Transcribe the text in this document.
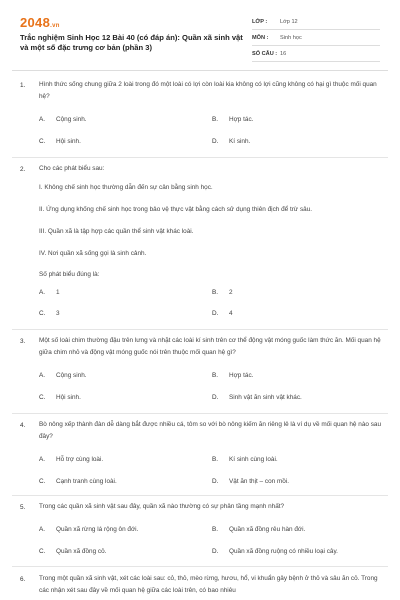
2048.vn
Trắc nghiệm Sinh Học 12 Bài 40 (có đáp án): Quần xã sinh vật và một số đặc trưng cơ bản (phần 3)
LỚP :	Lớp 12
MÔN :	Sinh học
SỐ CÂU : 16
1. Hình thức sống chung giữa 2 loài trong đó một loài có lợi còn loài kia không có lợi cũng không có hại gì thuộc mối quan hệ?
A. Cộng sinh.	B. Hợp tác.
C. Hội sinh.	D. Kí sinh.
2. Cho các phát biểu sau:
I. Không chế sinh học thường dẫn đến sự cân bằng sinh học.
II. Ứng dụng khống chế sinh học trong bảo vệ thực vật bằng cách sử dụng thiên địch để trừ sâu.
III. Quần xã là tập hợp các quần thể sinh vật khác loài.
IV. Nơi quần xã sống gọi là sinh cảnh.
Số phát biểu đúng là:
A. 1	B. 2
C. 3	D. 4
3. Một số loài chim thường đậu trên lưng và nhặt các loài kí sinh trên cơ thể động vật móng guốc làm thức ăn. Mối quan hệ giữa chim nhỏ và động vật móng guốc nói trên thuộc mối quan hệ gì?
A. Cộng sinh.	B. Hợp tác.
C. Hội sinh.	D. Sinh vật ăn sinh vật khác.
4. Bò nông xếp thành đàn dễ dàng bắt được nhiều cá, tôm so với bò nông kiếm ăn riêng lẻ là ví dụ về mối quan hệ nào sau đây?
A. Hỗ trợ cùng loài.	B. Kí sinh cùng loài.
C. Cạnh tranh cùng loài.	D. Vật ăn thịt – con mồi.
5. Trong các quần xã sinh vật sau đây, quần xã nào thường có sự phân tầng mạnh nhất?
A. Quần xã rừng lá rộng ôn đới.	B. Quần xã đồng rêu hàn đới.
C. Quần xã đồng cỏ.	D. Quần xã đồng ruộng có nhiều loại cây.
6. Trong một quần xã sinh vật, xét các loài sau: cỏ, thỏ, mèo rừng, hươu, hổ, vi khuẩn gây bệnh ở thỏ và sâu ăn cỏ. Trong các nhận xét sau đây về mối quan hệ giữa các loài trên, có bao nhiêu
